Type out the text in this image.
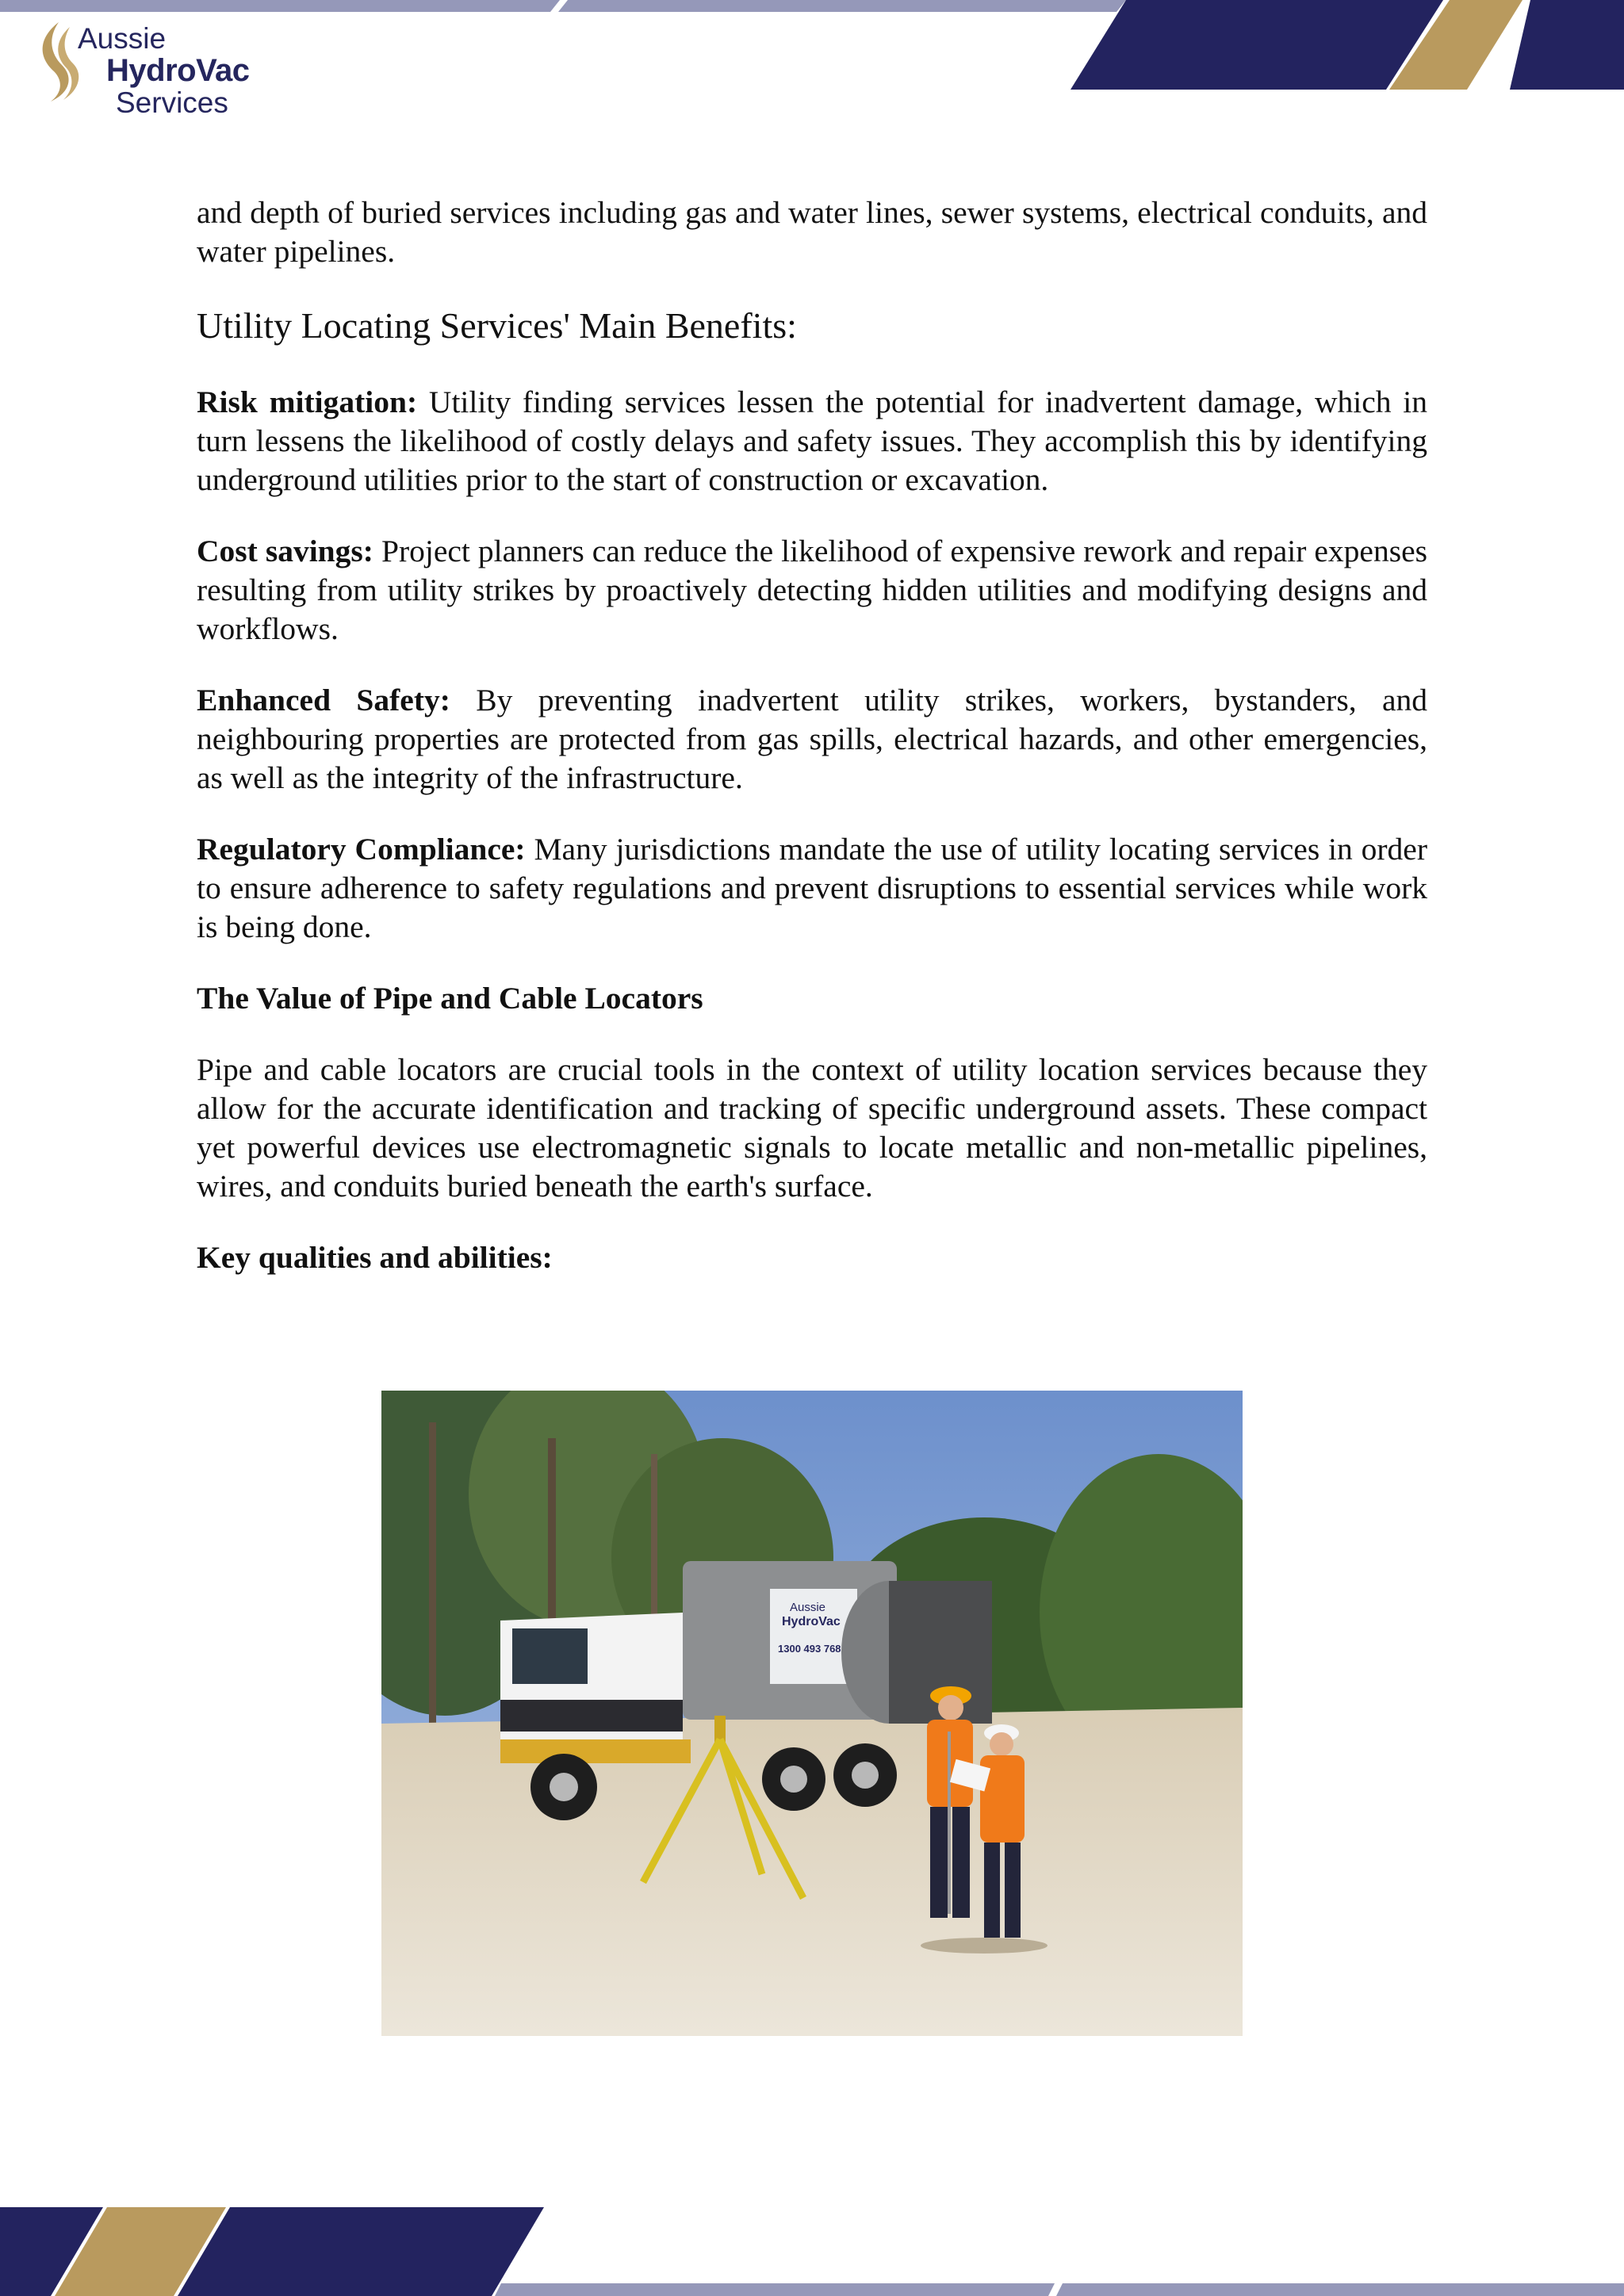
Aussie
HydroVac
Services

and depth of buried services including gas and water lines, sewer systems, electrical conduits, and water pipelines.

Utility Locating Services' Main Benefits:

Risk mitigation: Utility finding services lessen the potential for inadvertent damage, which in turn lessens the likelihood of costly delays and safety issues. They accomplish this by identifying underground utilities prior to the start of construction or excavation.

Cost savings: Project planners can reduce the likelihood of expensive rework and repair expenses resulting from utility strikes by proactively detecting hidden utilities and modifying designs and workflows.

Enhanced Safety: By preventing inadvertent utility strikes, workers, bystanders, and neighbouring properties are protected from gas spills, electrical hazards, and other emergencies, as well as the integrity of the infrastructure.

Regulatory Compliance: Many jurisdictions mandate the use of utility locating services in order to ensure adherence to safety regulations and prevent disruptions to essential services while work is being done.

The Value of Pipe and Cable Locators

Pipe and cable locators are crucial tools in the context of utility location services because they allow for the accurate identification and tracking of specific underground assets. These compact yet powerful devices use electromagnetic signals to locate metallic and non-metallic pipelines, wires, and conduits buried beneath the earth's surface.

Key qualities and abilities:
Aussie
HydroVac
1300 493 768
